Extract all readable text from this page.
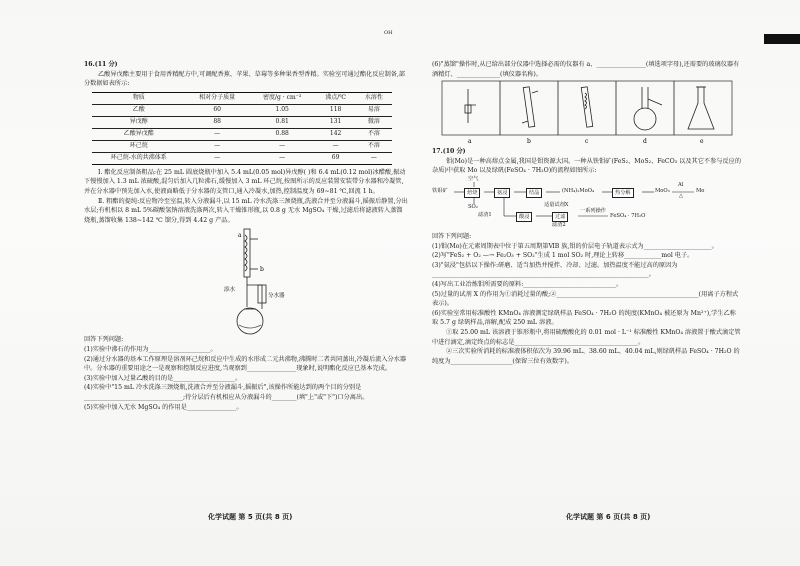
16.(11 分)

乙酸异戊酯主要用于食用香精配方中,可调配香蕉、苹果、草莓等多种果香型香精。实验室可通过酯化反应制备,部分数据如表所示:

物质	相对分子质量	密度/g · cm⁻³	沸点/℃	水溶性
乙酸	60	1.05	118	易溶
异戊醇	88	0.81	131	微溶
乙酸异戊酯	—	0.88	142	不溶
环己烷	—	—	—	不溶
环己烷-水的共沸体系	—	—	69	—

Ⅰ. 酯化反应制备粗品:在 25 mL 圆底烧瓶中加入 5.4 mL(0.05 mol)异戊醇( )和 6.4 mL(0.12 mol)冰醋酸,振动下慢慢加入 1.3 mL 浓硫酸,混匀后加入几粒沸石,缓慢加入 3 mL 环己烷,按图所示的反应装置安装带分水器和冷凝管,并在分水器中预先加入水,使液面略低于分水器的支管口,通入冷凝水,加热,控制温度为 69~81 ℃,回流 1 h。

Ⅱ. 粗酯的提纯:反应物冷至室温,转入分液漏斗,以 15 mL 冷水洗涤三颈烧瓶,洗液合并至分液漏斗,摇振后静置,分出水层;有机相以 8 mL 5%碳酸氢钠溶液洗涤两次,转入干燥锥形瓶,以 0.8 g 无水 MgSO₄ 干燥,过滤后将滤液转入蒸馏烧瓶,蒸馏收集 138~142 ℃ 馏分,得到 4.42 g 产品。

a
b
分水器
添水
OH

回答下列问题:

(1)实验中沸石的作用为____________________。

(2)通过分水器的基本工作原理是溶剂环己烷和反应中生成的水形成二元共沸物,沸腾时二者共同蒸出,冷凝后流入分水器中。分水器的重要用途之一是观察和控制反应进度,当观察到________________现象时,说明酯化反应已基本完成。

(3)实验中加入过量乙酸的目的是____________________。

(4)实验中"15 mL 冷水洗涤三颈烧瓶,洗液合并至分液漏斗,摇振后",该操作所能达到的两个目的分别是________________________________;待分层后有机相应从分液漏斗的________(填"上"或"下")口分离出。

(5)实验中加入无水 MgSO₄ 的作用是________________。

(6)"蒸馏"操作时,从已给出部分仪器中选择必需的仪器有 a、________________(填选项字母),还需要的玻璃仪器有酒精灯、______________(填仪器名称)。

a	b	c	d	e

17.(10 分)

钼(Mo)是一种高熔点金属,我国是钼资源大国。一种从铁钼矿(FeS₂、MoS₂、FeCO₃ 以及其它不参与反应的杂质)中获取 Mo 以及绿矾(FeSO₄ · 7H₂O)的流程如图所示:

铁钼矿
空气
焙烧
SO₂
氨浸	结晶	(NH₄)₂MoO₄	热分解	MoO₃
Al
△
Mo
滤渣1	酸浸
适量试剂X
过滤
滤渣2
一系列操作
FeSO₄ · 7H₂O

回答下列问题:

(1)钼(Mo)在元素周期表中位于第五周期第ⅥB 族,钼的价层电子轨道表示式为______________________。

(2)写"FeS₂ + O₂ —→ Fe₂O₃ + SO₂"生成 1 mol SO₂ 时,理论上转移____________mol 电子。

(3)"氨浸"包括以下操作:研磨、适当加热并搅拌、冷却、过滤。加热温度不能过高的原因为______________________________________________________________________。

(4)写出工业冶炼钼所需要的原料:______________________________。

(5)过量的试剂 X 的作用为①消耗过量的酸;②______________________________________________(用离子方程式表示)。

(6)实验室常用标准酸性 KMnO₄ 溶液测定绿矾样品 FeSO₄ · 7H₂O 的纯度(KMnO₄ 被还原为 Mn²⁺),学生乙称取 5.7 g 绿矾样品,溶解,配成 250 mL 溶液。

①取 25.00 mL 该溶液于锥形瓶中,将用硫酸酸化的 0.01 mol · L⁻¹ 标准酸性 KMnO₄ 溶液置于酸式滴定管中进行滴定,滴定终点的标志是________________________________________。

②三次实验所消耗的标准液体积依次为 39.96 mL、38.60 mL、40.04 mL,则绿矾样品 FeSO₄ · 7H₂O 的纯度为____________________(保留三位有效数字)。

化学试题 第 5 页(共 8 页)	化学试题 第 6 页(共 8 页)
